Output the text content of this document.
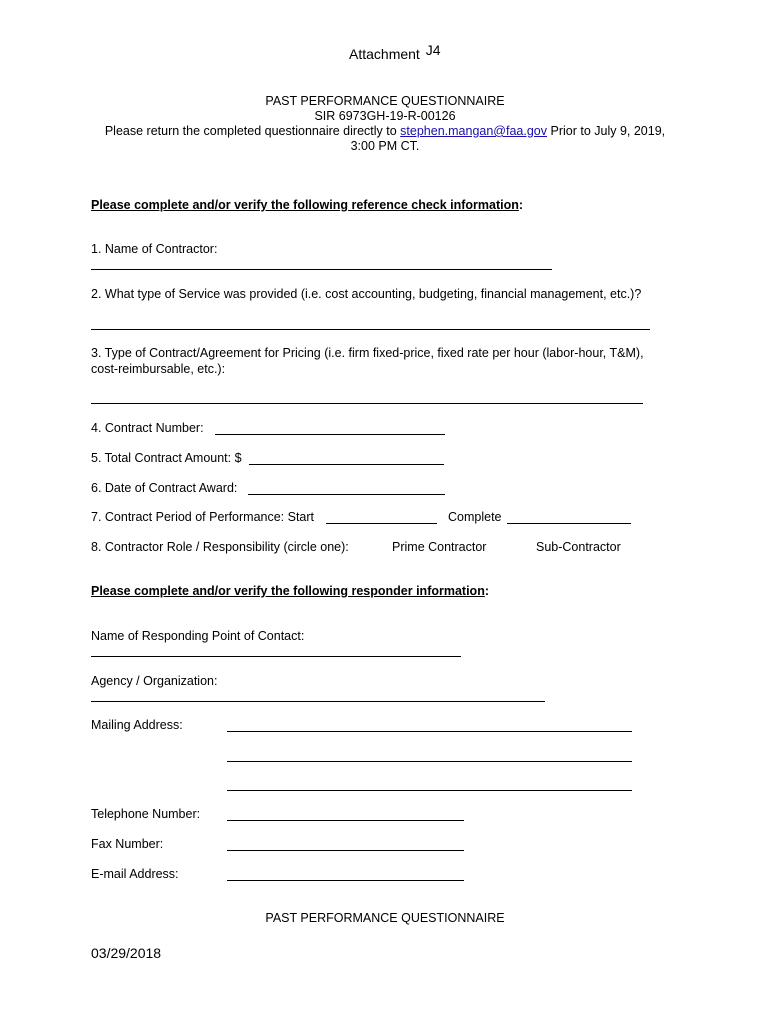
Attachment J4
PAST PERFORMANCE QUESTIONNAIRE
SIR 6973GH-19-R-00126
Please return the completed questionnaire directly to stephen.mangan@faa.gov Prior to July 9, 2019,
3:00 PM CT.
Please complete and/or verify the following reference check information:
1. Name of Contractor:
2. What type of Service was provided (i.e. cost accounting, budgeting, financial management, etc.)?
3. Type of Contract/Agreement for Pricing (i.e. firm fixed-price, fixed rate per hour (labor-hour, T&M),
cost-reimbursable, etc.):
4. Contract Number:
5. Total Contract Amount: $
6. Date of Contract Award:
7. Contract Period of Performance: Start	Complete
8. Contractor Role / Responsibility (circle one):	Prime Contractor	Sub-Contractor
Please complete and/or verify the following responder information:
Name of Responding Point of Contact:
Agency / Organization:
Mailing Address:
Telephone Number:
Fax Number:
E-mail Address:
PAST PERFORMANCE QUESTIONNAIRE
03/29/2018
